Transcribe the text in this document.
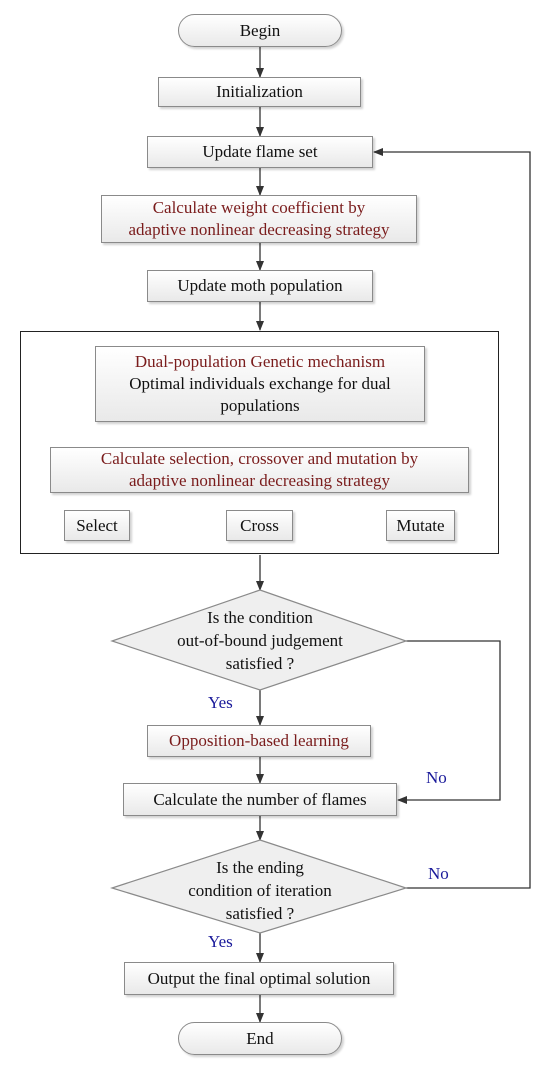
Begin
Initialization
Update flame set
Calculate weight coefficient by
adaptive nonlinear decreasing strategy
Update moth population
Dual-population Genetic mechanism
Optimal individuals exchange for dual
populations
Calculate selection, crossover and mutation by
adaptive nonlinear decreasing strategy
Select	Cross	Mutate
Is the condition
out-of-bound judgement
satisfied ?
Yes
Opposition-based learning
No
Calculate the number of flames
Is the ending
condition of iteration
satisfied ?
No
Yes
Output the final optimal solution
End
